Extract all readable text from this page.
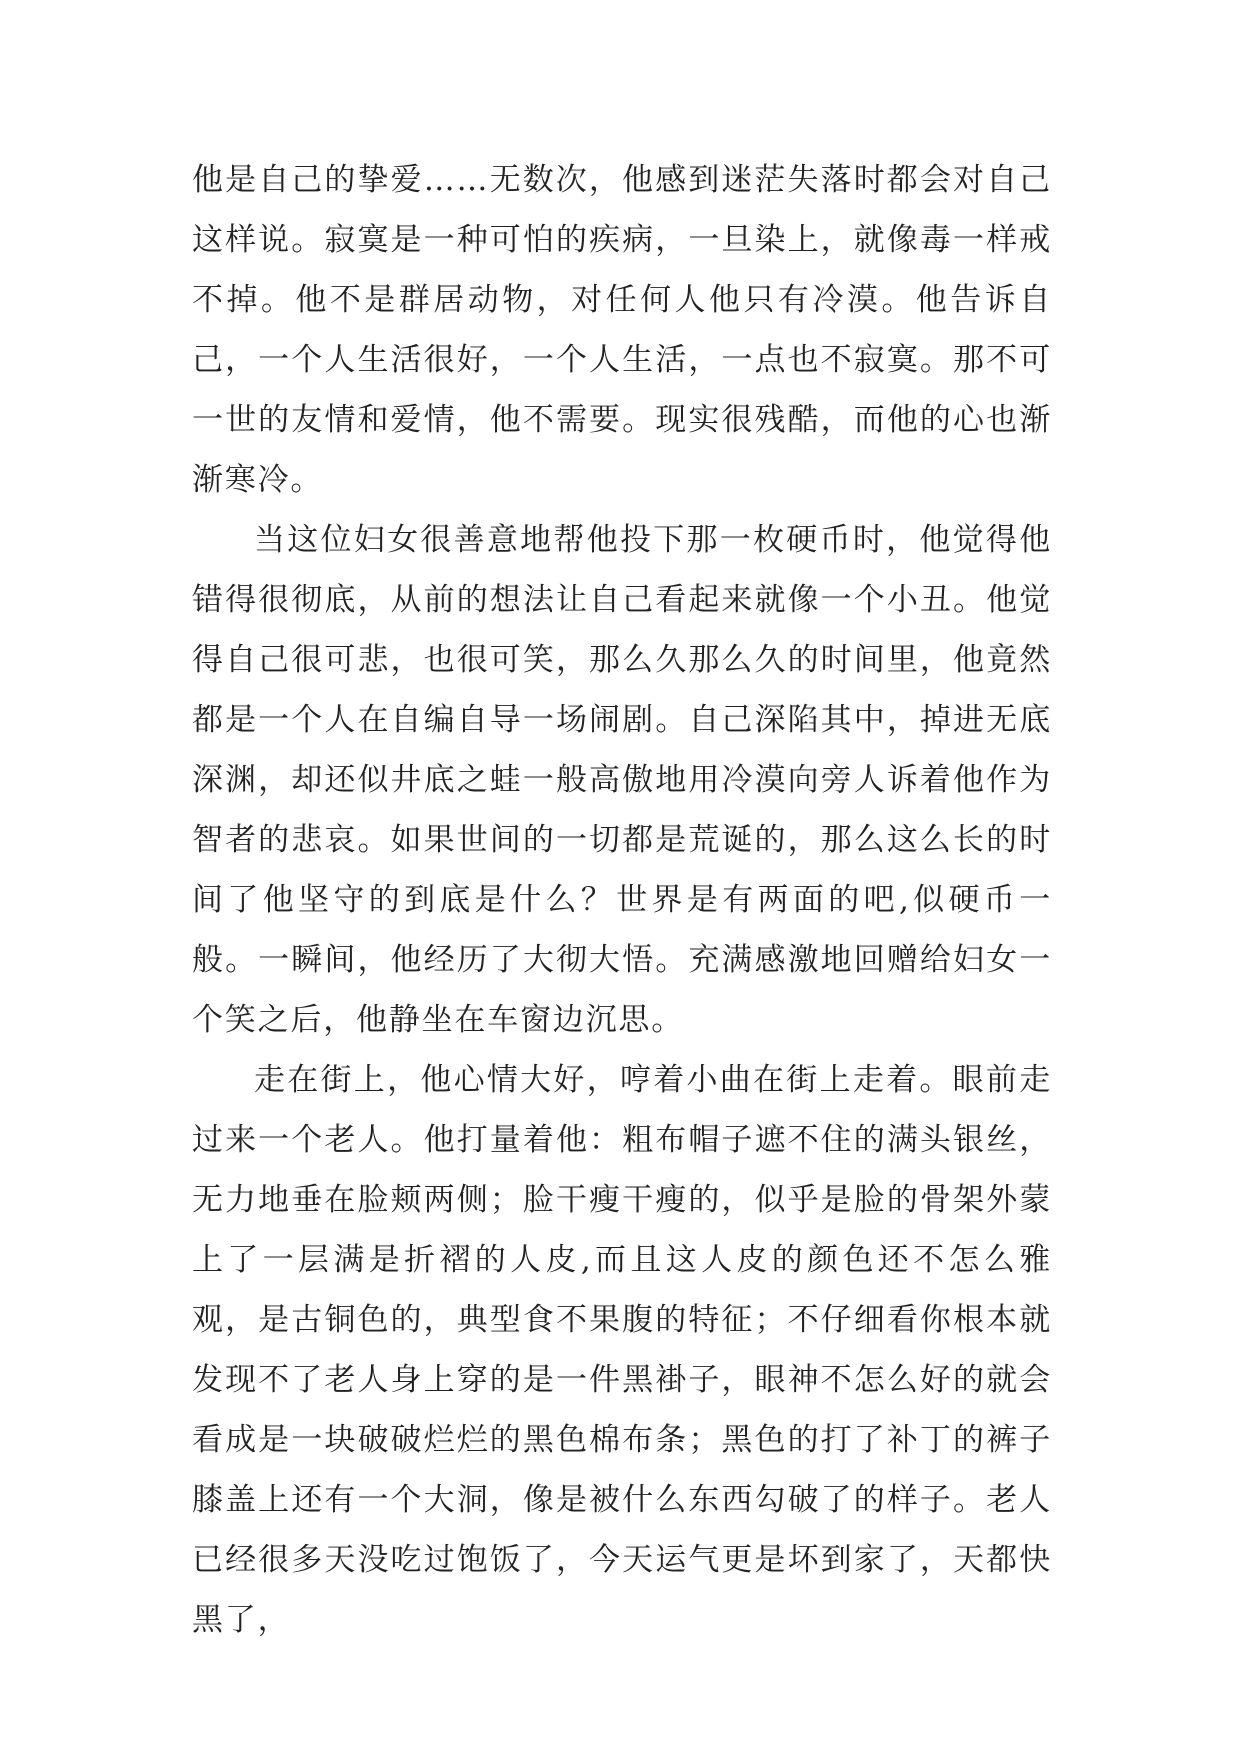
他是自己的挚爱……无数次，他感到迷茫失落时都会对自己这样说。寂寞是一种可怕的疾病，一旦染上，就像毒一样戒不掉。他不是群居动物，对任何人他只有冷漠。他告诉自己，一个人生活很好，一个人生活，一点也不寂寞。那不可一世的友情和爱情，他不需要。现实很残酷，而他的心也渐渐寒冷。

当这位妇女很善意地帮他投下那一枚硬币时，他觉得他错得很彻底，从前的想法让自己看起来就像一个小丑。他觉得自己很可悲，也很可笑，那么久那么久的时间里，他竟然都是一个人在自编自导一场闹剧。自己深陷其中，掉进无底深渊，却还似井底之蛙一般高傲地用冷漠向旁人诉着他作为智者的悲哀。如果世间的一切都是荒诞的，那么这么长的时间了他坚守的到底是什么？世界是有两面的吧,似硬币一般。一瞬间，他经历了大彻大悟。充满感激地回赠给妇女一个笑之后，他静坐在车窗边沉思。

走在街上，他心情大好，哼着小曲在街上走着。眼前走过来一个老人。他打量着他：粗布帽子遮不住的满头银丝，无力地垂在脸颊两侧；脸干瘦干瘦的，似乎是脸的骨架外蒙上了一层满是折褶的人皮,而且这人皮的颜色还不怎么雅观，是古铜色的，典型食不果腹的特征；不仔细看你根本就发现不了老人身上穿的是一件黑褂子，眼神不怎么好的就会看成是一块破破烂烂的黑色棉布条；黑色的打了补丁的裤子膝盖上还有一个大洞，像是被什么东西勾破了的样子。老人已经很多天没吃过饱饭了，今天运气更是坏到家了，天都快黑了，
